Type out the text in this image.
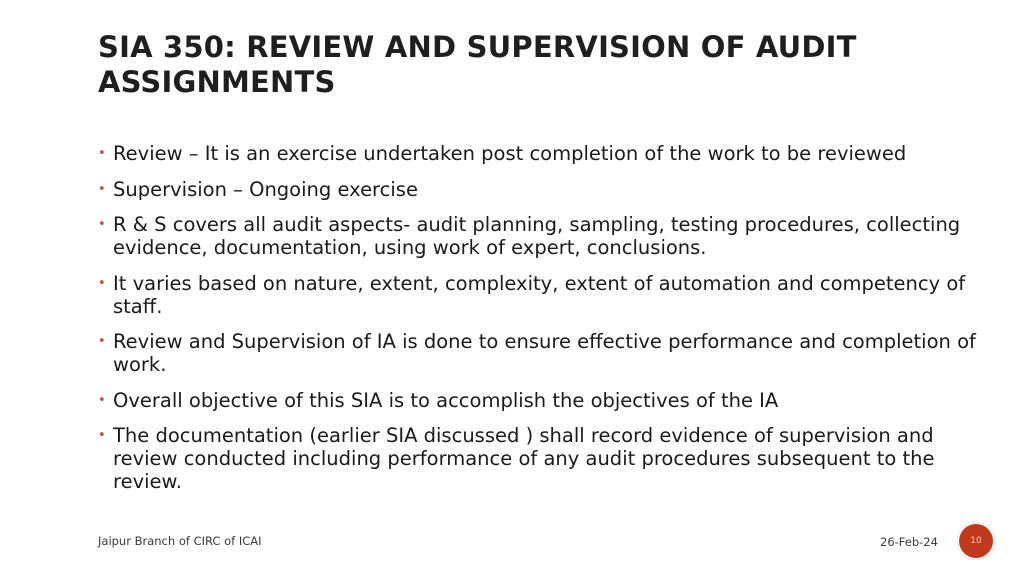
SIA 350: REVIEW AND SUPERVISION OF AUDIT ASSIGNMENTS
• Review – It is an exercise undertaken post completion of the work to be reviewed
• Supervision – Ongoing exercise
• R & S covers all audit aspects- audit planning, sampling, testing procedures, collecting evidence, documentation, using work of expert, conclusions.
• It varies based on nature, extent, complexity, extent of automation and competency of staff.
• Review and Supervision of IA is done to ensure effective performance and completion of work.
• Overall objective of this SIA is to accomplish the objectives of the IA
• The documentation (earlier SIA discussed ) shall record evidence of supervision and review conducted including performance of any audit procedures subsequent to the review.
Jaipur Branch of CIRC of ICAI	26-Feb-24	10
